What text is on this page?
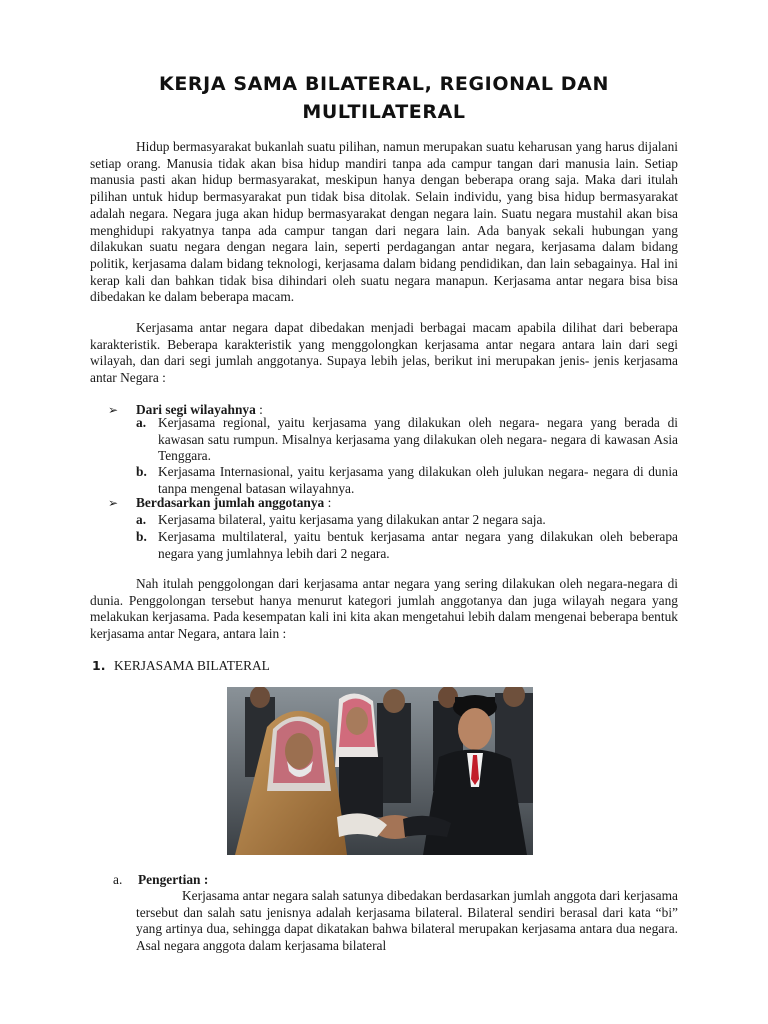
KERJA SAMA BILATERAL, REGIONAL DAN MULTILATERAL

Hidup bermasyarakat bukanlah suatu pilihan, namun merupakan suatu keharusan yang harus dijalani setiap orang. Manusia tidak akan bisa hidup mandiri tanpa ada campur tangan dari manusia lain. Setiap manusia pasti akan hidup bermasyarakat, meskipun hanya dengan beberapa orang saja. Maka dari itulah pilihan untuk hidup bermasyarakat pun tidak bisa ditolak. Selain individu, yang bisa hidup bermasyarakat adalah negara. Negara juga akan hidup bermasyarakat dengan negara lain. Suatu negara mustahil akan bisa menghidupi rakyatnya tanpa ada campur tangan dari negara lain. Ada banyak sekali hubungan yang dilakukan suatu negara dengan negara lain, seperti perdagangan antar negara, kerjasama dalam bidang politik, kerjasama dalam bidang teknologi, kerjasama dalam bidang pendidikan, dan lain sebagainya. Hal ini kerap kali dan bahkan tidak bisa dihindari oleh suatu negara manapun. Kerjasama antar negara bisa bisa dibedakan ke dalam beberapa macam.

Kerjasama antar negara dapat dibedakan menjadi berbagai macam apabila dilihat dari beberapa karakteristik. Beberapa karakteristik yang menggolongkan kerjasama antar negara antara lain dari segi wilayah, dan dari segi jumlah anggotanya. Supaya lebih jelas, berikut ini merupakan jenis- jenis kerjasama antar Negara :

➢ Dari segi wilayahnya :
a. Kerjasama regional, yaitu kerjasama yang dilakukan oleh negara- negara yang berada di kawasan satu rumpun. Misalnya kerjasama yang dilakukan oleh negara- negara di kawasan Asia Tenggara.
b. Kerjasama Internasional, yaitu kerjasama yang dilakukan oleh julukan negara- negara di dunia tanpa mengenal batasan wilayahnya.
➢ Berdasarkan jumlah anggotanya :
a. Kerjasama bilateral, yaitu kerjasama yang dilakukan antar 2 negara saja.
b. Kerjasama multilateral, yaitu bentuk kerjasama antar negara yang dilakukan oleh beberapa negara yang jumlahnya lebih dari 2 negara.

Nah itulah penggolongan dari kerjasama antar negara yang sering dilakukan oleh negara-negara di dunia. Penggolongan tersebut hanya menurut kategori jumlah anggotanya dan juga wilayah negara yang melakukan kerjasama. Pada kesempatan kali ini kita akan mengetahui lebih dalam mengenai beberapa bentuk kerjasama antar Negara, antara lain :

1. KERJASAMA BILATERAL
a. Pengertian :

Kerjasama antar negara salah satunya dibedakan berdasarkan jumlah anggota dari kerjasama tersebut dan salah satu jenisnya adalah kerjasama bilateral. Bilateral sendiri berasal dari kata “bi” yang artinya dua, sehingga dapat dikatakan bahwa bilateral merupakan kerjasama antara dua negara. Asal negara anggota dalam kerjasama bilateral
